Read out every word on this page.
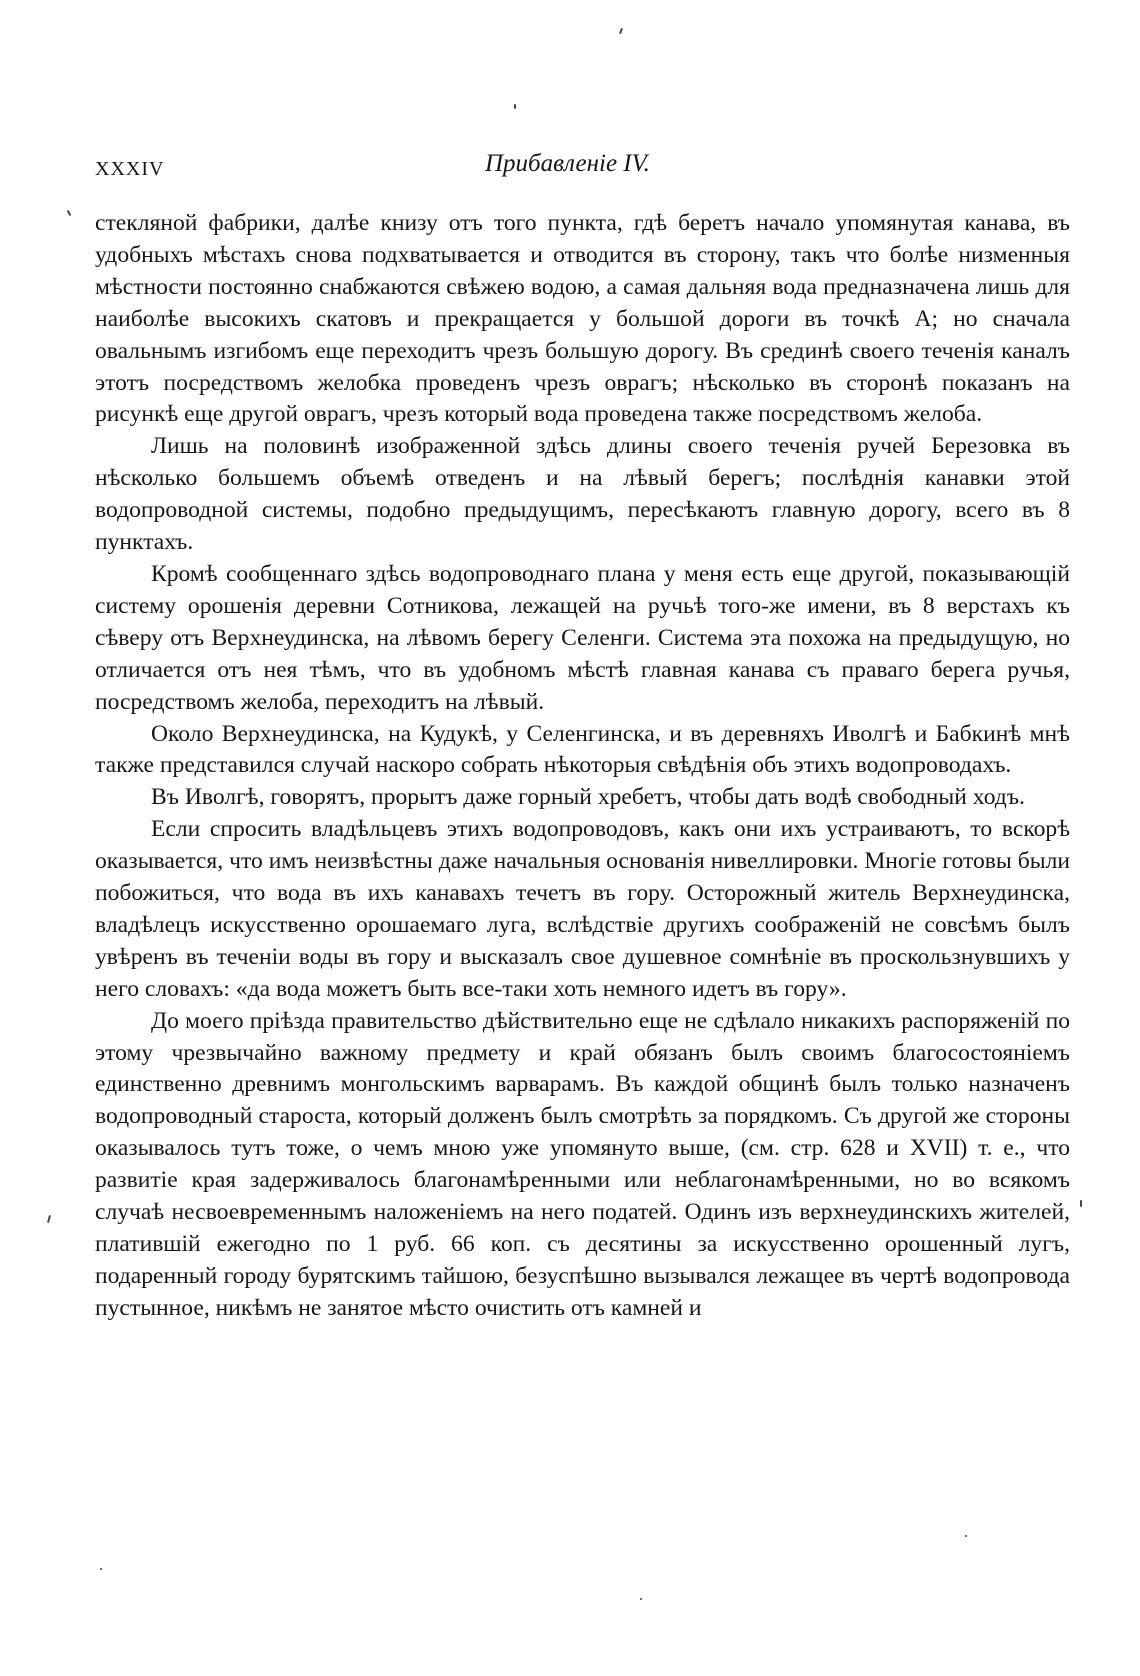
XXXIV	Прибавленiе IV.

стекляной фабрики, далѣе книзу отъ того пункта, гдѣ беретъ начало упомянутая канава, въ удобныхъ мѣстахъ снова подхватывается и отводится въ сторону, такъ что болѣе низменныя мѣстности постоянно снабжаются свѣжею водою, а самая дальняя вода предназначена лишь для наиболѣе высокихъ скатовъ и прекращается у большой дороги въ точкѣ A; но сначала овальнымъ изгибомъ еще переходитъ чрезъ большую дорогу. Въ срединѣ своего теченiя каналъ этотъ посредствомъ желобка проведенъ чрезъ оврагъ; нѣсколько въ сторонѣ показанъ на рисункѣ еще другой оврагъ, чрезъ который вода проведена также посредствомъ желоба.

Лишь на половинѣ изображенной здѣсь длины своего теченiя ручей Березовка въ нѣсколько большемъ объемѣ отведенъ и на лѣвый берегъ; послѣднiя канавки этой водопроводной системы, подобно предыдущимъ, пересѣкаютъ главную дорогу, всего въ 8 пунктахъ.

Кромѣ сообщеннаго здѣсь водопроводнаго плана у меня есть еще другой, показывающiй систему орошенiя деревни Сотникова, лежащей на ручьѣ того-же имени, въ 8 верстахъ къ сѣверу отъ Верхнеудинска, на лѣвомъ берегу Селенги. Система эта похожа на предыдущую, но отличается отъ нея тѣмъ, что въ удобномъ мѣстѣ главная канава съ праваго берега ручья, посредствомъ желоба, переходитъ на лѣвый.

Около Верхнеудинска, на Кудукѣ, у Селенгинска, и въ деревняхъ Иволгѣ и Бабкинѣ мнѣ также представился случай наскоро собрать нѣкоторыя свѣдѣнiя объ этихъ водопроводахъ.

Въ Иволгѣ, говорятъ, прорытъ даже горный хребетъ, чтобы дать водѣ свободный ходъ.

Если спросить владѣльцевъ этихъ водопроводовъ, какъ они ихъ устраиваютъ, то вскорѣ оказывается, что имъ неизвѣстны даже начальныя основанiя нивеллировки. Многiе готовы были побожиться, что вода въ ихъ канавахъ течетъ въ гору. Осторожный житель Верхнеудинска, владѣлецъ искусственно орошаемаго луга, вслѣдствiе другихъ соображенiй не совсѣмъ былъ увѣренъ въ теченiи воды въ гору и высказалъ свое душевное сомнѣнiе въ проскользнувшихъ у него словахъ: «да вода можетъ быть все-таки хоть немного идетъ въ гору».

До моего прiѣзда правительство дѣйствительно еще не сдѣлало никакихъ распоряженiй по этому чрезвычайно важному предмету и край обязанъ былъ своимъ благосостоянiемъ единственно древнимъ монгольскимъ варварамъ. Въ каждой общинѣ былъ только назначенъ водопроводный староста, который долженъ былъ смотрѣть за порядкомъ. Съ другой же стороны оказывалось тутъ тоже, о чемъ мною уже упомянуто выше, (см. стр. 628 и XVII) т. е., что развитiе края задерживалось благонамѣренными или неблагонамѣренными, но во всякомъ случаѣ несвоевременнымъ наложенiемъ на него податей. Одинъ изъ верхнеудинскихъ жителей, платившiй ежегодно по 1 руб. 66 коп. съ десятины за искусственно орошенный лугъ, подаренный городу бурятскимъ тайшою, безуспѣшно вызывался лежащее въ чертѣ водопровода пустынное, никѣмъ не занятое мѣсто очистить отъ камней и
